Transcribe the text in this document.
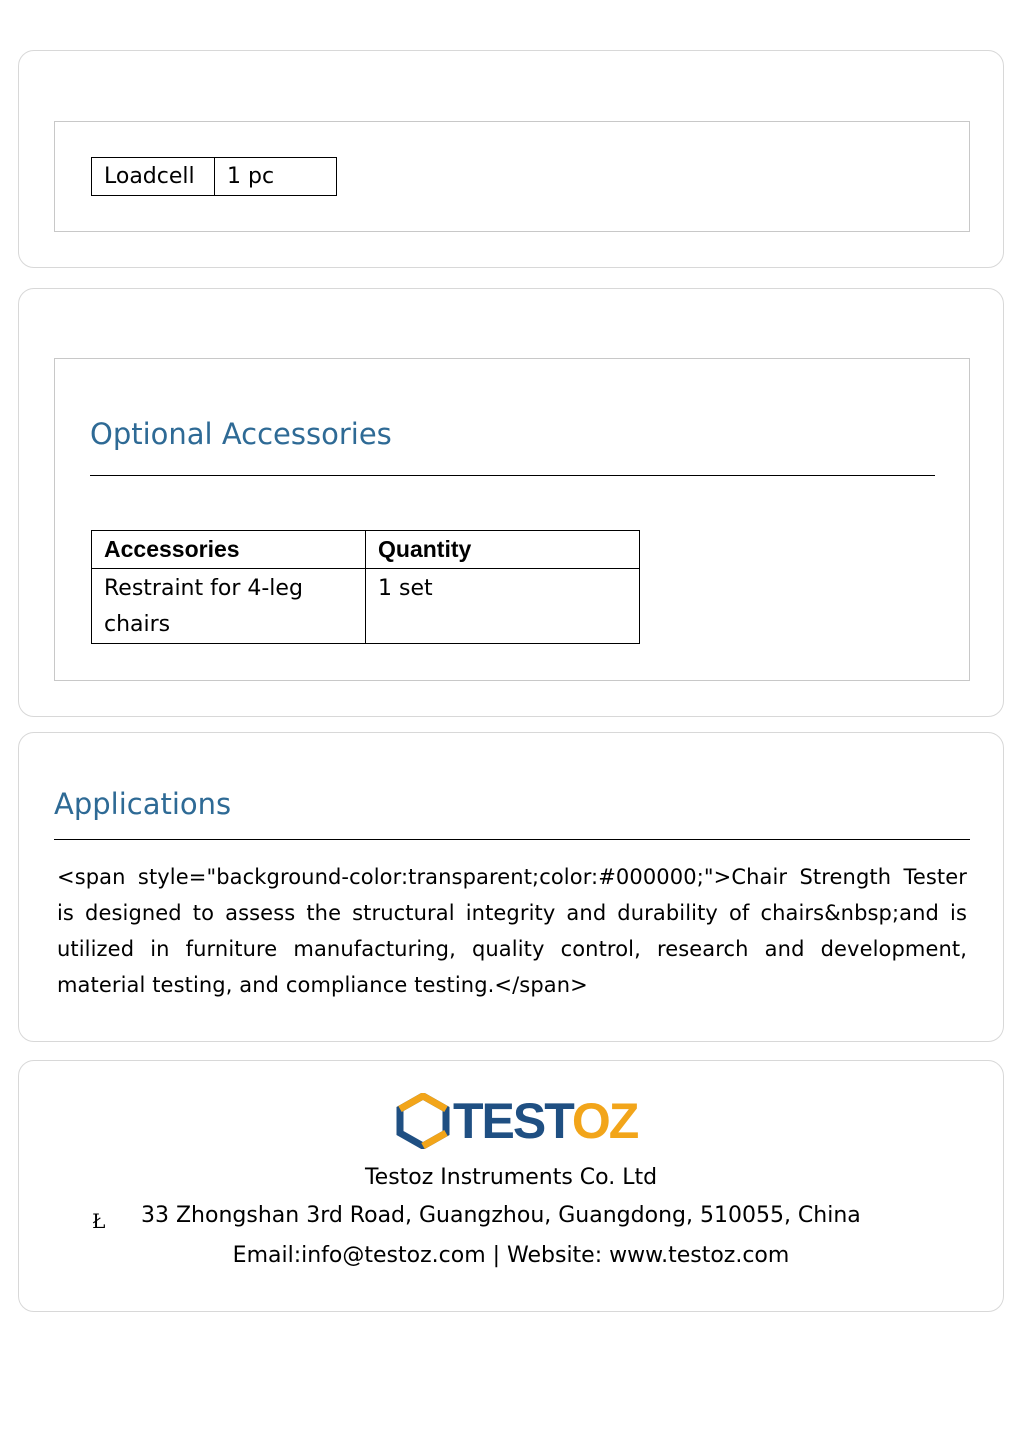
Loadcell	1 pc
Optional Accessories
Accessories	Quantity
Restraint for 4-leg chairs	1 set
Applications

<span style="background-color:transparent;color:#000000;">Chair Strength Tester is designed to assess the structural integrity and durability of chairs&nbsp;and is utilized in furniture manufacturing, quality control, research and development, material testing, and compliance testing.</span>

TESTOZ

Testoz Instruments Co. Ltd

Ł 33 Zhongshan 3rd Road, Guangzhou, Guangdong, 510055, China

Email:info@testoz.com | Website: www.testoz.com
